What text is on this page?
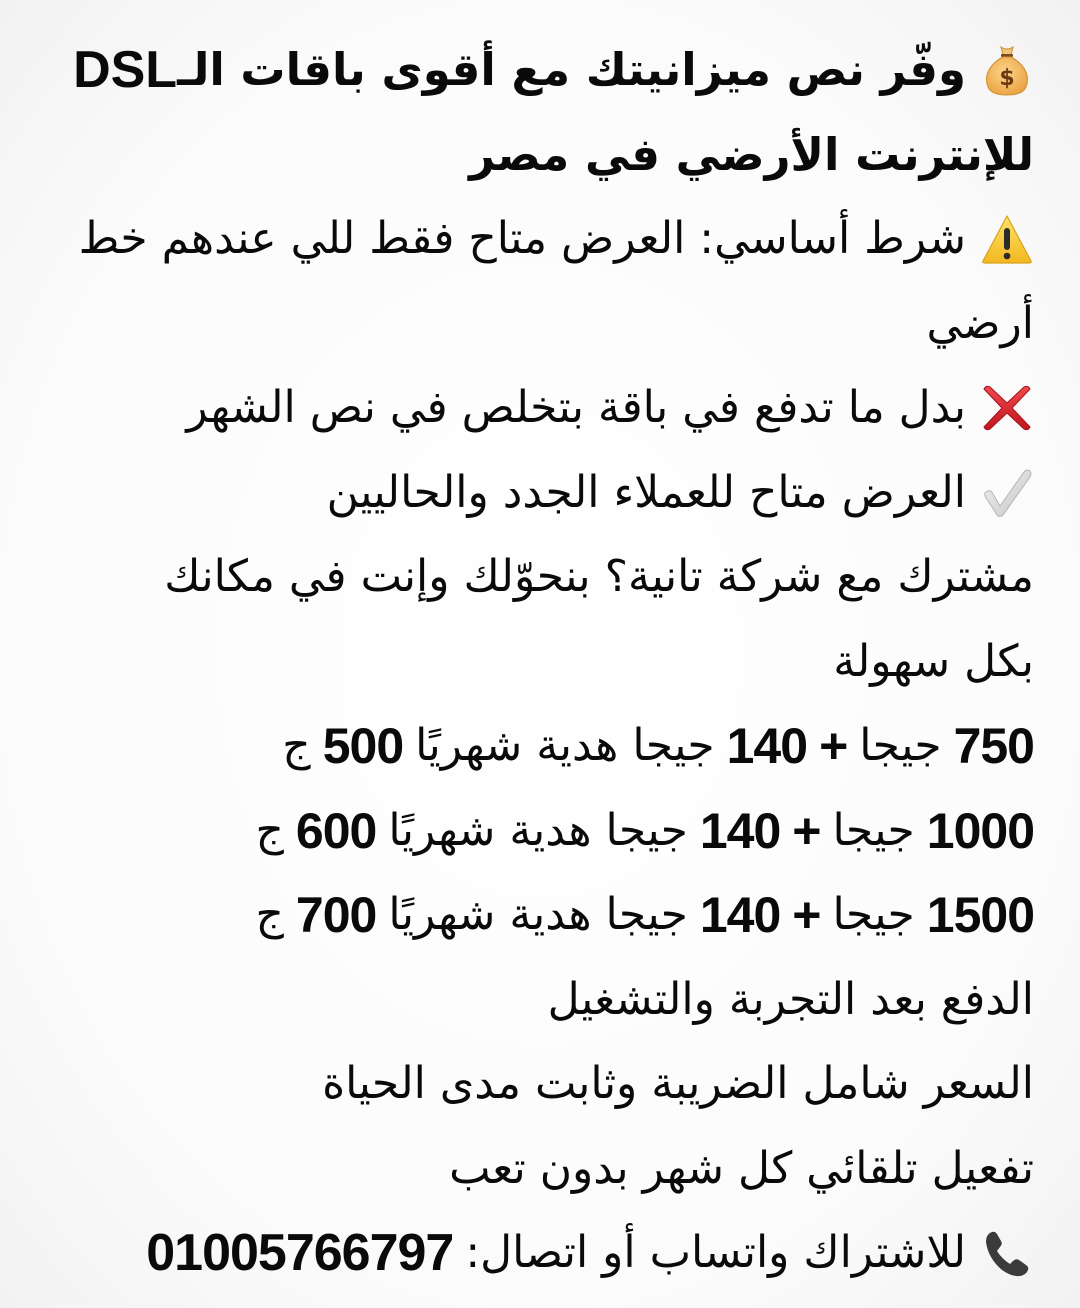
$
وفّر نص ميزانيتك مع أقوى باقات الـ
DSL
للإنترنت الأرضي في مصر
شرط أساسي: العرض متاح فقط للي عندهم خط
أرضي
بدل ما تدفع في باقة بتخلص في نص الشهر
العرض متاح للعملاء الجدد والحاليين
مشترك مع شركة تانية؟ بنحوّلك وإنت في مكانك
بكل سهولة
750
جيجا
+
140
جيجا هدية شهريًا
500
ج
1000
جيجا
+
140
جيجا هدية شهريًا
600
ج
1500
جيجا
+
140
جيجا هدية شهريًا
700
ج
الدفع بعد التجربة والتشغيل
السعر شامل الضريبة وثابت مدى الحياة
تفعيل تلقائي كل شهر بدون تعب
للاشتراك واتساب أو اتصال:
01005766797
